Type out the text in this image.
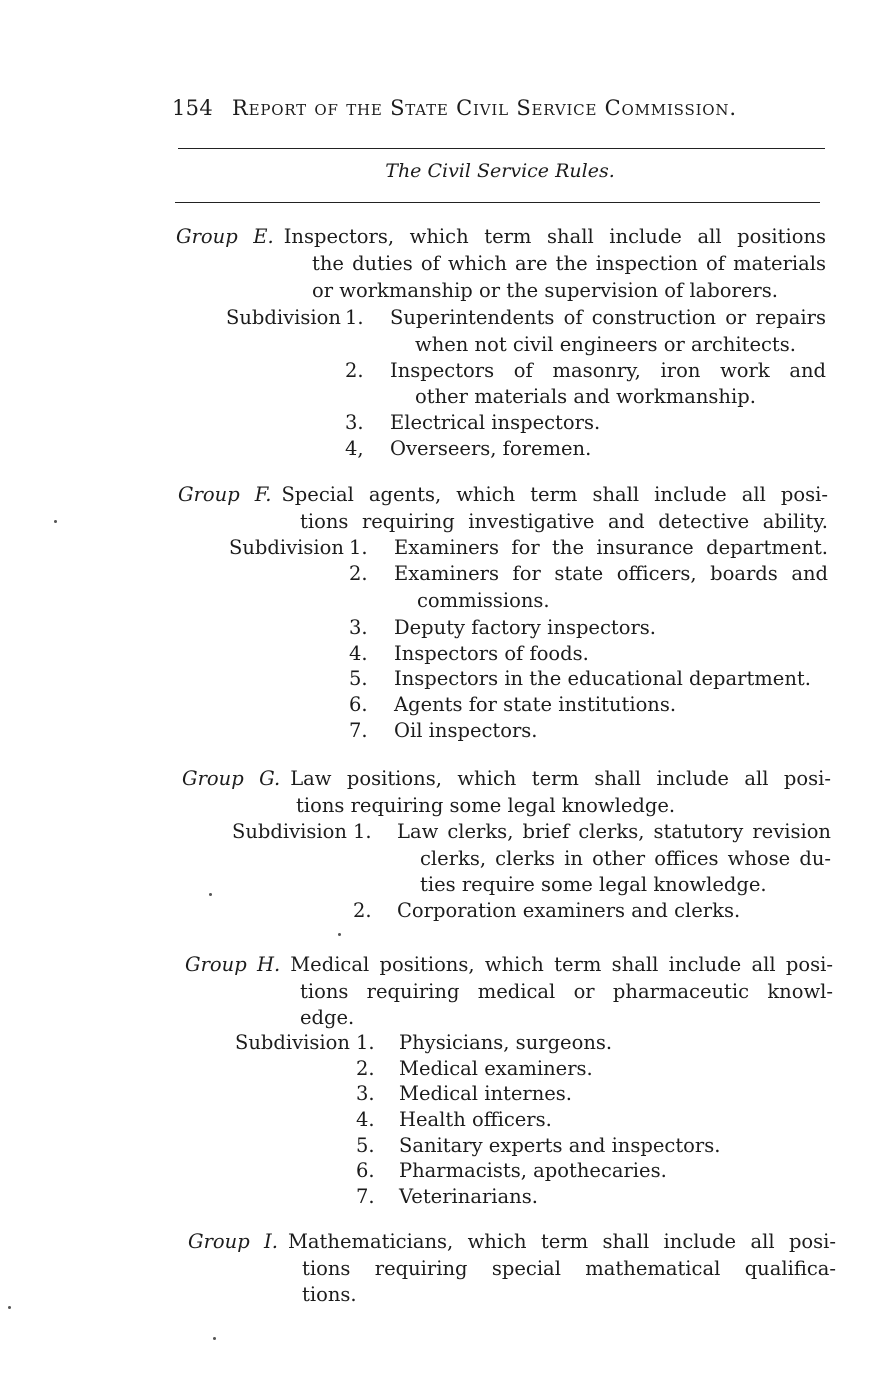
154 Report of the State Civil Service Commission.
The Civil Service Rules.
Group E. Inspectors, which term shall include all positions
the duties of which are the inspection of materials
or workmanship or the supervision of laborers.
Subdivision 1. Superintendents of construction or repairs
when not civil engineers or architects.
2. Inspectors of masonry, iron work and
other materials and workmanship.
3. Electrical inspectors.
4, Overseers, foremen.
Group F. Special agents, which term shall include all posi-
tions requiring investigative and detective ability.
Subdivision 1. Examiners for the insurance department.
2. Examiners for state officers, boards and
commissions.
3. Deputy factory inspectors.
4. Inspectors of foods.
5. Inspectors in the educational department.
6. Agents for state institutions.
7. Oil inspectors.
Group G. Law positions, which term shall include all posi-
tions requiring some legal knowledge.
Subdivision 1. Law clerks, brief clerks, statutory revision
clerks, clerks in other offices whose du-
ties require some legal knowledge.
2. Corporation examiners and clerks.
Group H. Medical positions, which term shall include all posi-
tions requiring medical or pharmaceutic knowl-
edge.
Subdivision 1. Physicians, surgeons.
2. Medical examiners.
3. Medical internes.
4. Health officers.
5. Sanitary experts and inspectors.
6. Pharmacists, apothecaries.
7. Veterinarians.
Group I. Mathematicians, which term shall include all posi-
tions requiring special mathematical qualifica-
tions.
